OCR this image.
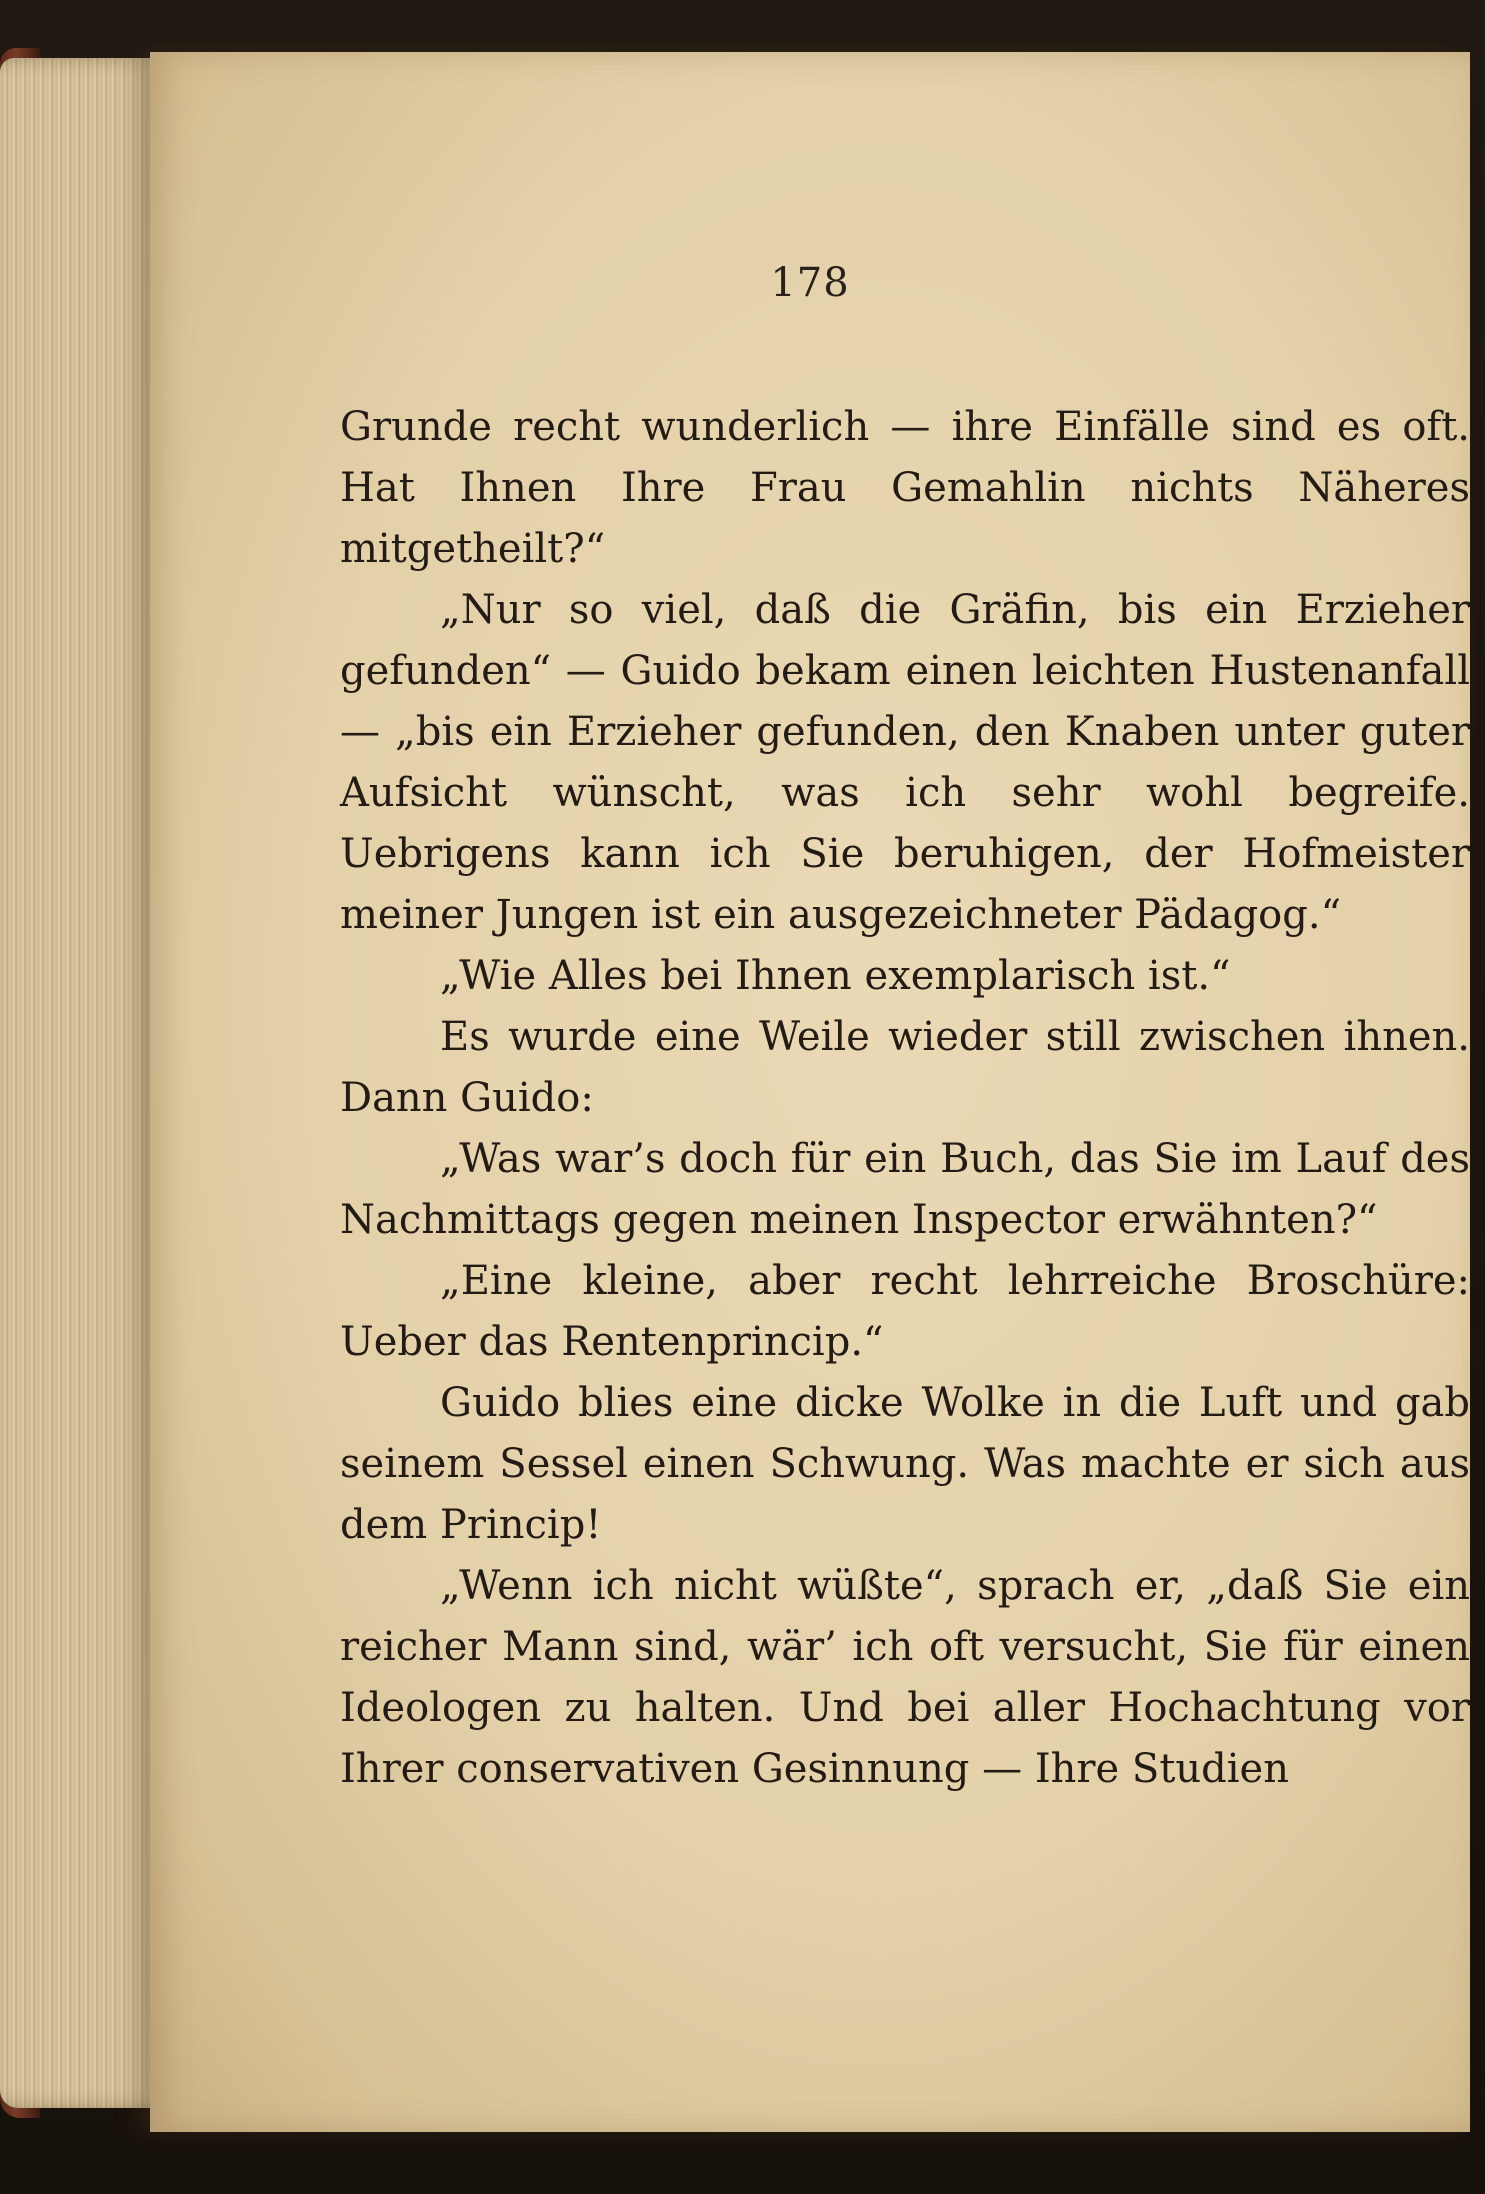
178

Grunde recht wunderlich — ihre Einfälle sind es oft. Hat Ihnen Ihre Frau Gemahlin nichts Näheres mitgetheilt?“

„Nur so viel, daß die Gräfin, bis ein Erzieher gefunden“ — Guido bekam einen leichten Hustenanfall — „bis ein Erzieher gefunden, den Knaben unter guter Aufsicht wünscht, was ich sehr wohl begreife. Uebrigens kann ich Sie beruhigen, der Hofmeister meiner Jungen ist ein ausgezeichneter Pädagog.“

„Wie Alles bei Ihnen exemplarisch ist.“

Es wurde eine Weile wieder still zwischen ihnen. Dann Guido:

„Was war’s doch für ein Buch, das Sie im Lauf des Nachmittags gegen meinen Inspector erwähnten?“

„Eine kleine, aber recht lehrreiche Broschüre: Ueber das Rentenprincip.“

Guido blies eine dicke Wolke in die Luft und gab seinem Sessel einen Schwung. Was machte er sich aus dem Princip!

„Wenn ich nicht wüßte“, sprach er, „daß Sie ein reicher Mann sind, wär’ ich oft versucht, Sie für einen Ideologen zu halten. Und bei aller Hochachtung vor Ihrer conservativen Gesinnung — Ihre Studien
